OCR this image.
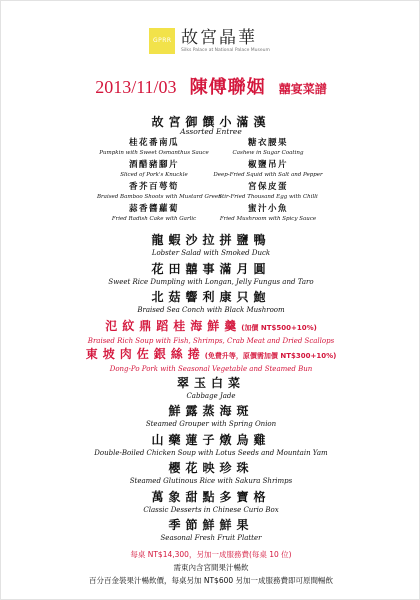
GPRR 故宮晶華
Silks Palace at National Palace Museum
2013/11/03 陳傅聯姻 囍宴菜譜
故宮御饌小滿漢
Assorted Entree
桂花番南瓜
Pumpkin with Sweet Osmanthus Sauce
糖衣腰果
Cashew in Sugar Coating
酒醋豬腳片
Sliced of Pork's Knuckle
椒鹽吊片
Deep-Fried Squid with Salt and Pepper
香芥百萼筍
Braised Bamboo Shoots with Mustard Green
宮保皮蛋
Stir-Fried Thousand Egg with Chilli
蒜香醬蘿蔔
Fried Radish Cake with Garlic
蜜汁小魚
Fried Mushroom with Spicy Sauce
龍蝦沙拉拼鹽鴨
Lobster Salad with Smoked Duck
花田囍事滿月圓
Sweet Rice Dumpling with Longan, Jelly Fungus and Taro
北菇響利康只鮑
Braised Sea Conch with Black Mushroom
氾紋鼎蹈桂海鮮羹(加價 NT$500+10%)
Braised Rich Soup with Fish, Shrimps, Crab Meat and Dried Scallops
東坡肉佐銀絲捲(免費升等，原價需加價 NT$300+10%)
Dong-Po Pork with Seasonal Vegetable and Steamed Bun
翠玉白菜
Cabbage Jade
鮮露蒸海斑
Steamed Grouper with Spring Onion
山藥蓮子燉烏雞
Double-Boiled Chicken Soup with Lotus Seeds and Mountain Yam
櫻花映珍珠
Steamed Glutinous Rice with Sakura Shrimps
萬象甜點多寶格
Classic Desserts in Chinese Curio Box
季節鮮鮮果
Seasonal Fresh Fruit Platter
每桌 NT$14,300，另加一成服務費(每桌 10 位)
需東內含宮間果汁暢飲
百分百金裝果汁暢飲價，每桌另加 NT$600 另加一成服務費即可原間暢飲
